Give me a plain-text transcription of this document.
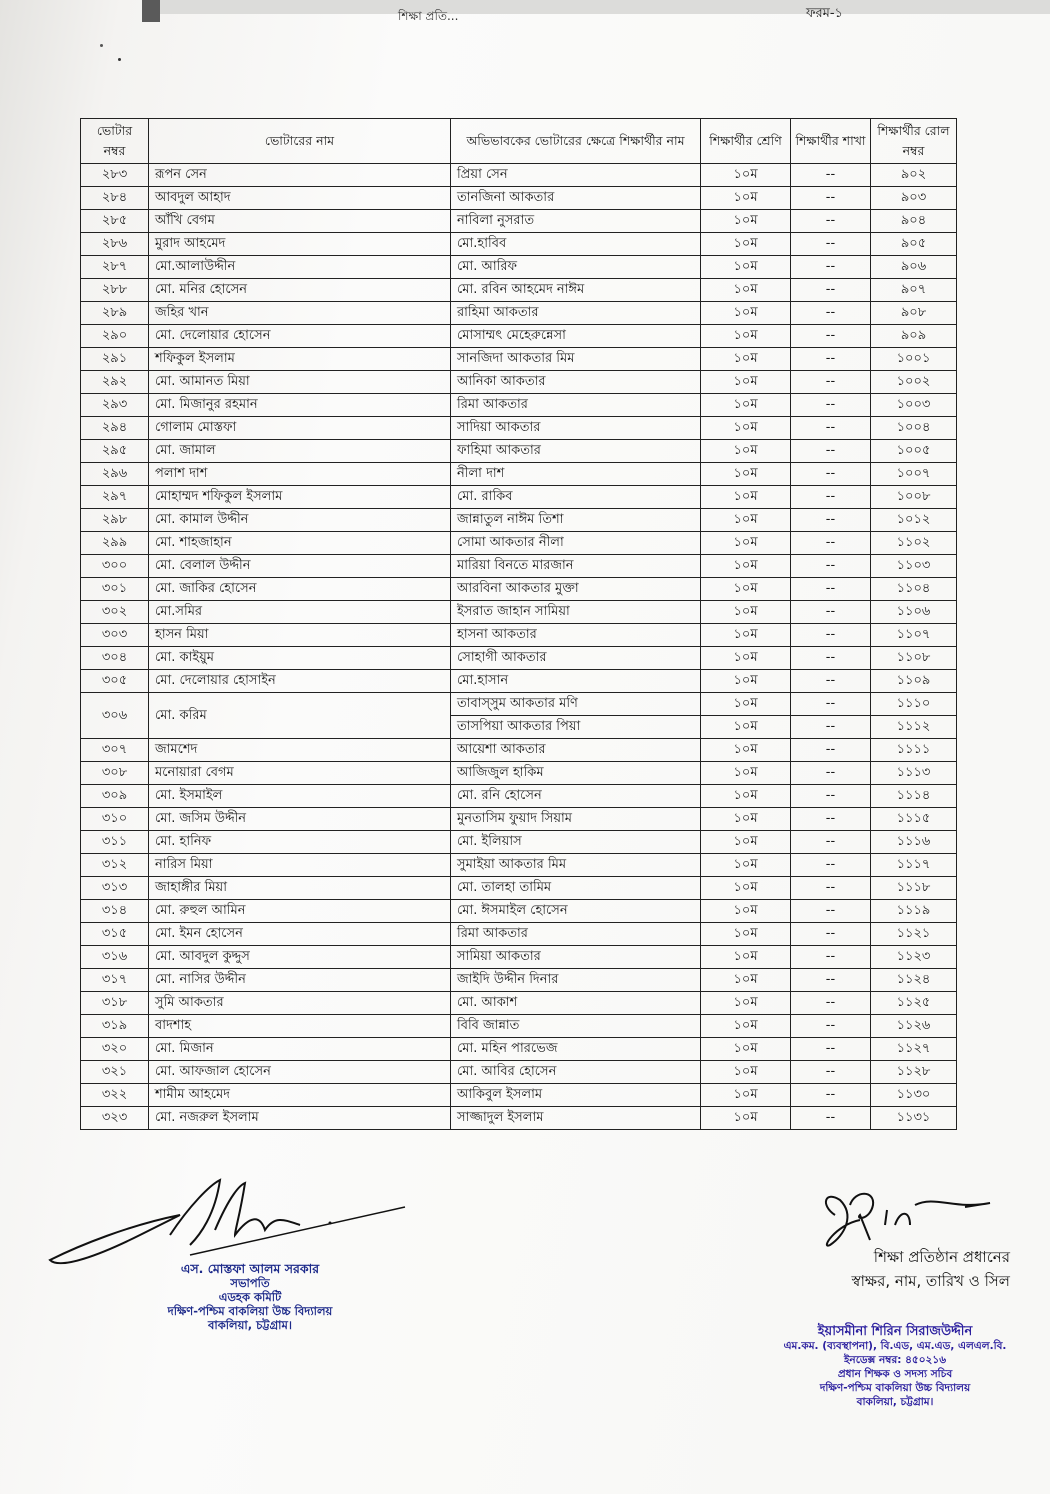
শিক্ষা প্রতি...	ফরম-১
ভোটার নম্বর	ভোটারের নাম	অভিভাবকের ভোটারের ক্ষেত্রে শিক্ষার্থীর নাম	শিক্ষার্থীর শ্রেণি	শিক্ষার্থীর শাখা	শিক্ষার্থীর রোল নম্বর
২৮৩	রূপন সেন	প্রিয়া সেন	১০ম	--	৯০২
২৮৪	আবদুল আহাদ	তানজিনা আকতার	১০ম	--	৯০৩
২৮৫	আঁখি বেগম	নাবিলা নুসরাত	১০ম	--	৯০৪
২৮৬	মুরাদ আহমেদ	মো.হাবিব	১০ম	--	৯০৫
২৮৭	মো.আলাউদ্দীন	মো. আরিফ	১০ম	--	৯০৬
২৮৮	মো. মনির হোসেন	মো. রবিন আহমেদ নাঈম	১০ম	--	৯০৭
২৮৯	জহির খান	রাহিমা আকতার	১০ম	--	৯০৮
২৯০	মো. দেলোয়ার হোসেন	মোসাম্মৎ মেহেরুন্নেসা	১০ম	--	৯০৯
২৯১	শফিকুল ইসলাম	সানজিদা আকতার মিম	১০ম	--	১০০১
২৯২	মো. আমানত মিয়া	আনিকা আকতার	১০ম	--	১০০২
২৯৩	মো. মিজানুর রহমান	রিমা আকতার	১০ম	--	১০০৩
২৯৪	গোলাম মোস্তফা	সাদিয়া আকতার	১০ম	--	১০০৪
২৯৫	মো. জামাল	ফাহিমা আকতার	১০ম	--	১০০৫
২৯৬	পলাশ দাশ	নীলা দাশ	১০ম	--	১০০৭
২৯৭	মোহাম্মদ শফিকুল ইসলাম	মো. রাকিব	১০ম	--	১০০৮
২৯৮	মো. কামাল উদ্দীন	জান্নাতুল নাঈম তিশা	১০ম	--	১০১২
২৯৯	মো. শাহজাহান	সোমা আকতার নীলা	১০ম	--	১১০২
৩০০	মো. বেলাল উদ্দীন	মারিয়া বিনতে মারজান	১০ম	--	১১০৩
৩০১	মো. জাকির হোসেন	আরবিনা আকতার মুক্তা	১০ম	--	১১০৪
৩০২	মো.সমির	ইসরাত জাহান সামিয়া	১০ম	--	১১০৬
৩০৩	হাসন মিয়া	হাসনা আকতার	১০ম	--	১১০৭
৩০৪	মো. কাইয়ুম	সোহাগী আকতার	১০ম	--	১১০৮
৩০৫	মো. দেলোয়ার হোসাইন	মো.হাসান	১০ম	--	১১০৯
৩০৬	মো. করিম	তাবাস্সুম আকতার মণি	১০ম	--	১১১০
		তাসপিয়া আকতার পিয়া	১০ম	--	১১১২
৩০৭	জামশেদ	আয়েশা আকতার	১০ম	--	১১১১
৩০৮	মনোয়ারা বেগম	আজিজুল হাকিম	১০ম	--	১১১৩
৩০৯	মো. ইসমাইল	মো. রনি হোসেন	১০ম	--	১১১৪
৩১০	মো. জসিম উদ্দীন	মুনতাসিম ফুয়াদ সিয়াম	১০ম	--	১১১৫
৩১১	মো. হানিফ	মো. ইলিয়াস	১০ম	--	১১১৬
৩১২	নারিস মিয়া	সুমাইয়া আকতার মিম	১০ম	--	১১১৭
৩১৩	জাহাঙ্গীর মিয়া	মো. তালহা তামিম	১০ম	--	১১১৮
৩১৪	মো. রুহুল আমিন	মো. ঈসমাইল হোসেন	১০ম	--	১১১৯
৩১৫	মো. ইমন হোসেন	রিমা আকতার	১০ম	--	১১২১
৩১৬	মো. আবদুল কুদ্দুস	সামিয়া আকতার	১০ম	--	১১২৩
৩১৭	মো. নাসির উদ্দীন	জাইদি উদ্দীন দিনার	১০ম	--	১১২৪
৩১৮	সুমি আকতার	মো. আকাশ	১০ম	--	১১২৫
৩১৯	বাদশাহ	বিবি জান্নাত	১০ম	--	১১২৬
৩২০	মো. মিজান	মো. মহিন পারভেজ	১০ম	--	১১২৭
৩২১	মো. আফজাল হোসেন	মো. আবির হোসেন	১০ম	--	১১২৮
৩২২	শামীম আহমেদ	আকিবুল ইসলাম	১০ম	--	১১৩০
৩২৩	মো. নজরুল ইসলাম	সাজ্জাদুল ইসলাম	১০ম	--	১১৩১
এস. মোস্তফা আলম সরকার
সভাপতি
এডহক কমিটি
দক্ষিণ-পশ্চিম বাকলিয়া উচ্চ বিদ্যালয়
বাকলিয়া, চট্টগ্রাম।
শিক্ষা প্রতিষ্ঠান প্রধানের
স্বাক্ষর, নাম, তারিখ ও সিল
ইয়াসমীনা শিরিন সিরাজউদ্দীন
এম.কম. (ব্যবস্থাপনা), বি.এড, এম.এড, এলএল.বি.
ইনডেক্স নম্বর: ৪৫০২১৬
প্রধান শিক্ষক ও সদস্য সচিব
দক্ষিণ-পশ্চিম বাকলিয়া উচ্চ বিদ্যালয়
বাকলিয়া, চট্টগ্রাম।
